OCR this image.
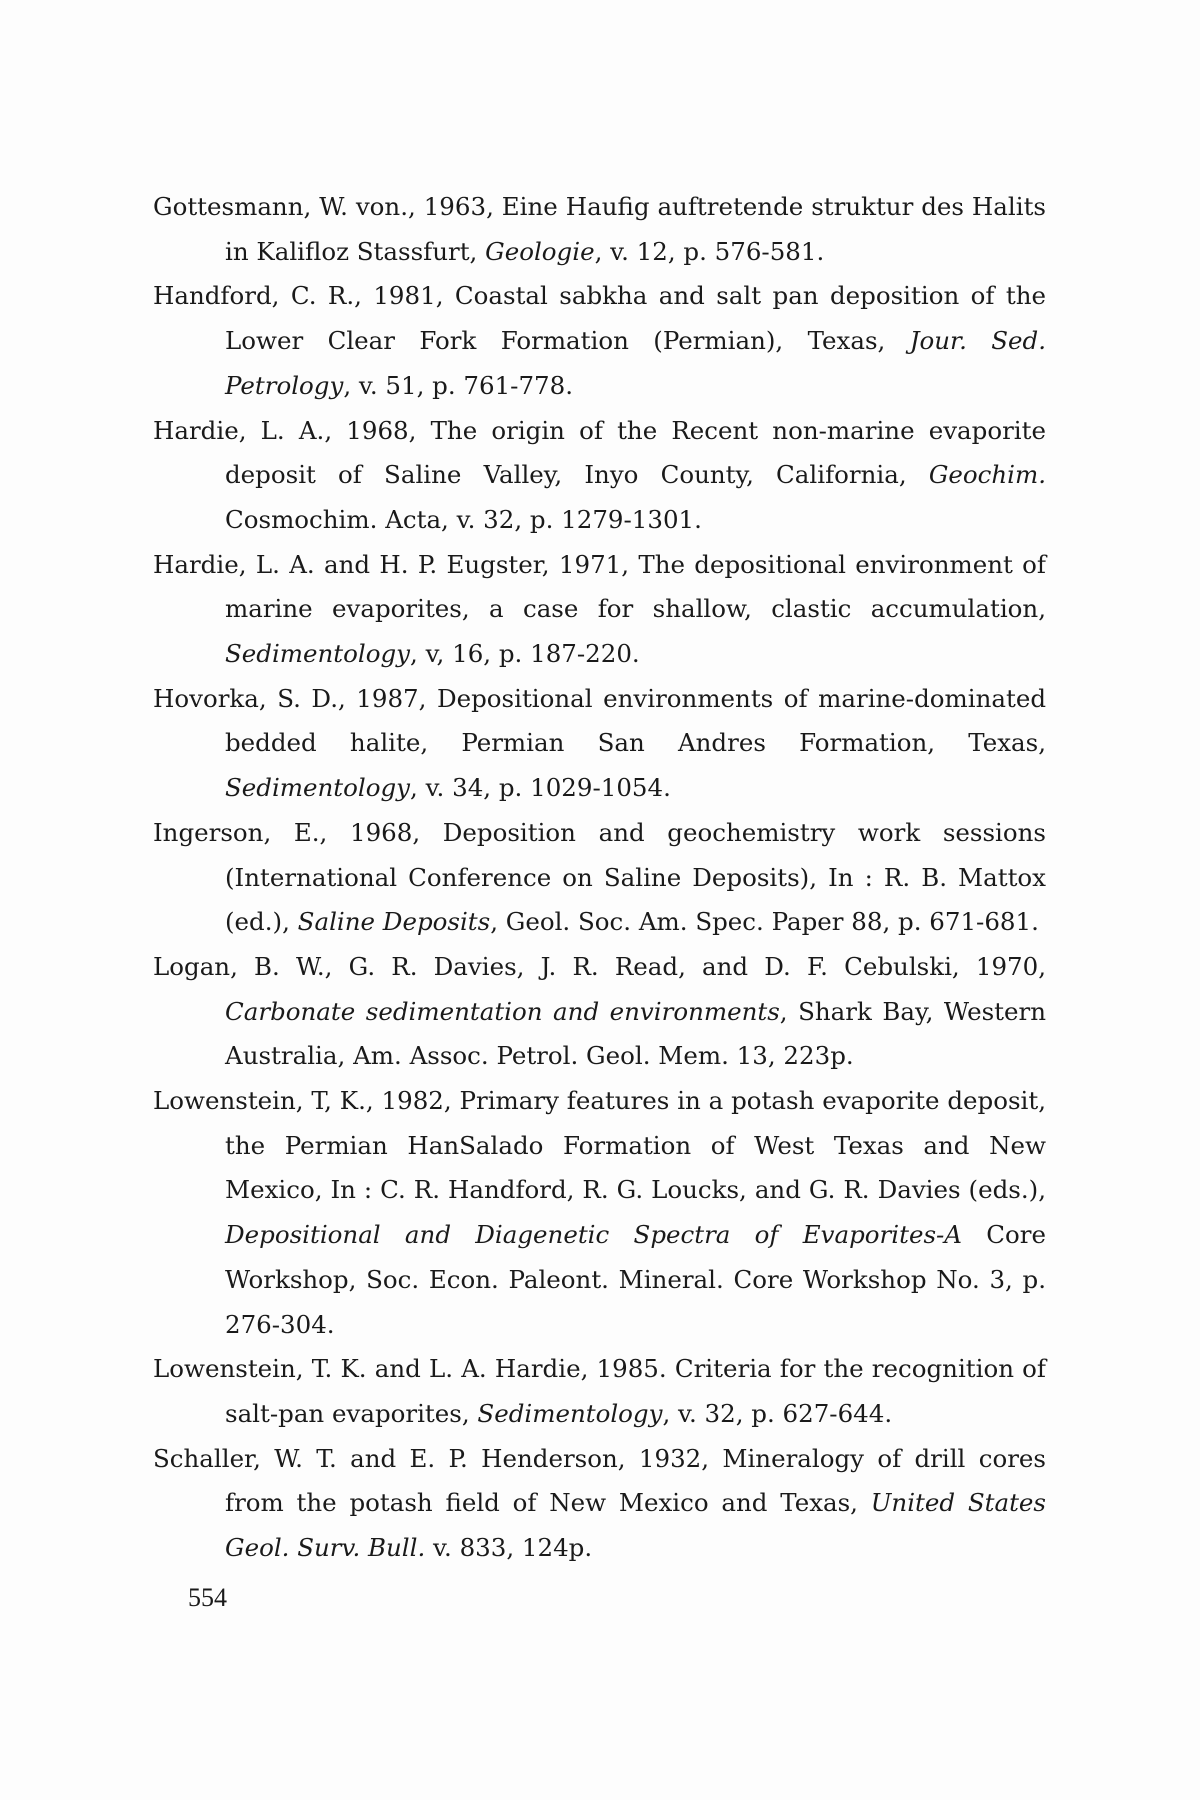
Gottesmann, W. von., 1963, Eine Haufig auftretende struktur des Halits in Kalifloz Stassfurt, Geologie, v. 12, p. 576-581.

Handford, C. R., 1981, Coastal sabkha and salt pan deposition of the Lower Clear Fork Formation (Permian), Texas, Jour. Sed. Petrology, v. 51, p. 761-778.

Hardie, L. A., 1968, The origin of the Recent non-marine evaporite deposit of Saline Valley, Inyo County, California, Geochim. Cosmochim. Acta, v. 32, p. 1279-1301.

Hardie, L. A. and H. P. Eugster, 1971, The depositional environment of marine evaporites, a case for shallow, clastic accumulation, Sedimentology, v, 16, p. 187-220.

Hovorka, S. D., 1987, Depositional environments of marine-dominated bedded halite, Permian San Andres Formation, Texas, Sedimentology, v. 34, p. 1029-1054.

Ingerson, E., 1968, Deposition and geochemistry work sessions (International Conference on Saline Deposits), In : R. B. Mattox (ed.), Saline Deposits, Geol. Soc. Am. Spec. Paper 88, p. 671-681.

Logan, B. W., G. R. Davies, J. R. Read, and D. F. Cebulski, 1970, Carbonate sedimentation and environments, Shark Bay, Western Australia, Am. Assoc. Petrol. Geol. Mem. 13, 223p.

Lowenstein, T, K., 1982, Primary features in a potash evaporite deposit, the Permian HanSalado Formation of West Texas and New Mexico, In : C. R. Handford, R. G. Loucks, and G. R. Davies (eds.), Depositional and Diagenetic Spectra of Evaporites-A Core Workshop, Soc. Econ. Paleont. Mineral. Core Workshop No. 3, p. 276-304.

Lowenstein, T. K. and L. A. Hardie, 1985. Criteria for the recognition of salt-pan evaporites, Sedimentology, v. 32, p. 627-644.

Schaller, W. T. and E. P. Henderson, 1932, Mineralogy of drill cores from the potash field of New Mexico and Texas, United States Geol. Surv. Bull. v. 833, 124p.

554
